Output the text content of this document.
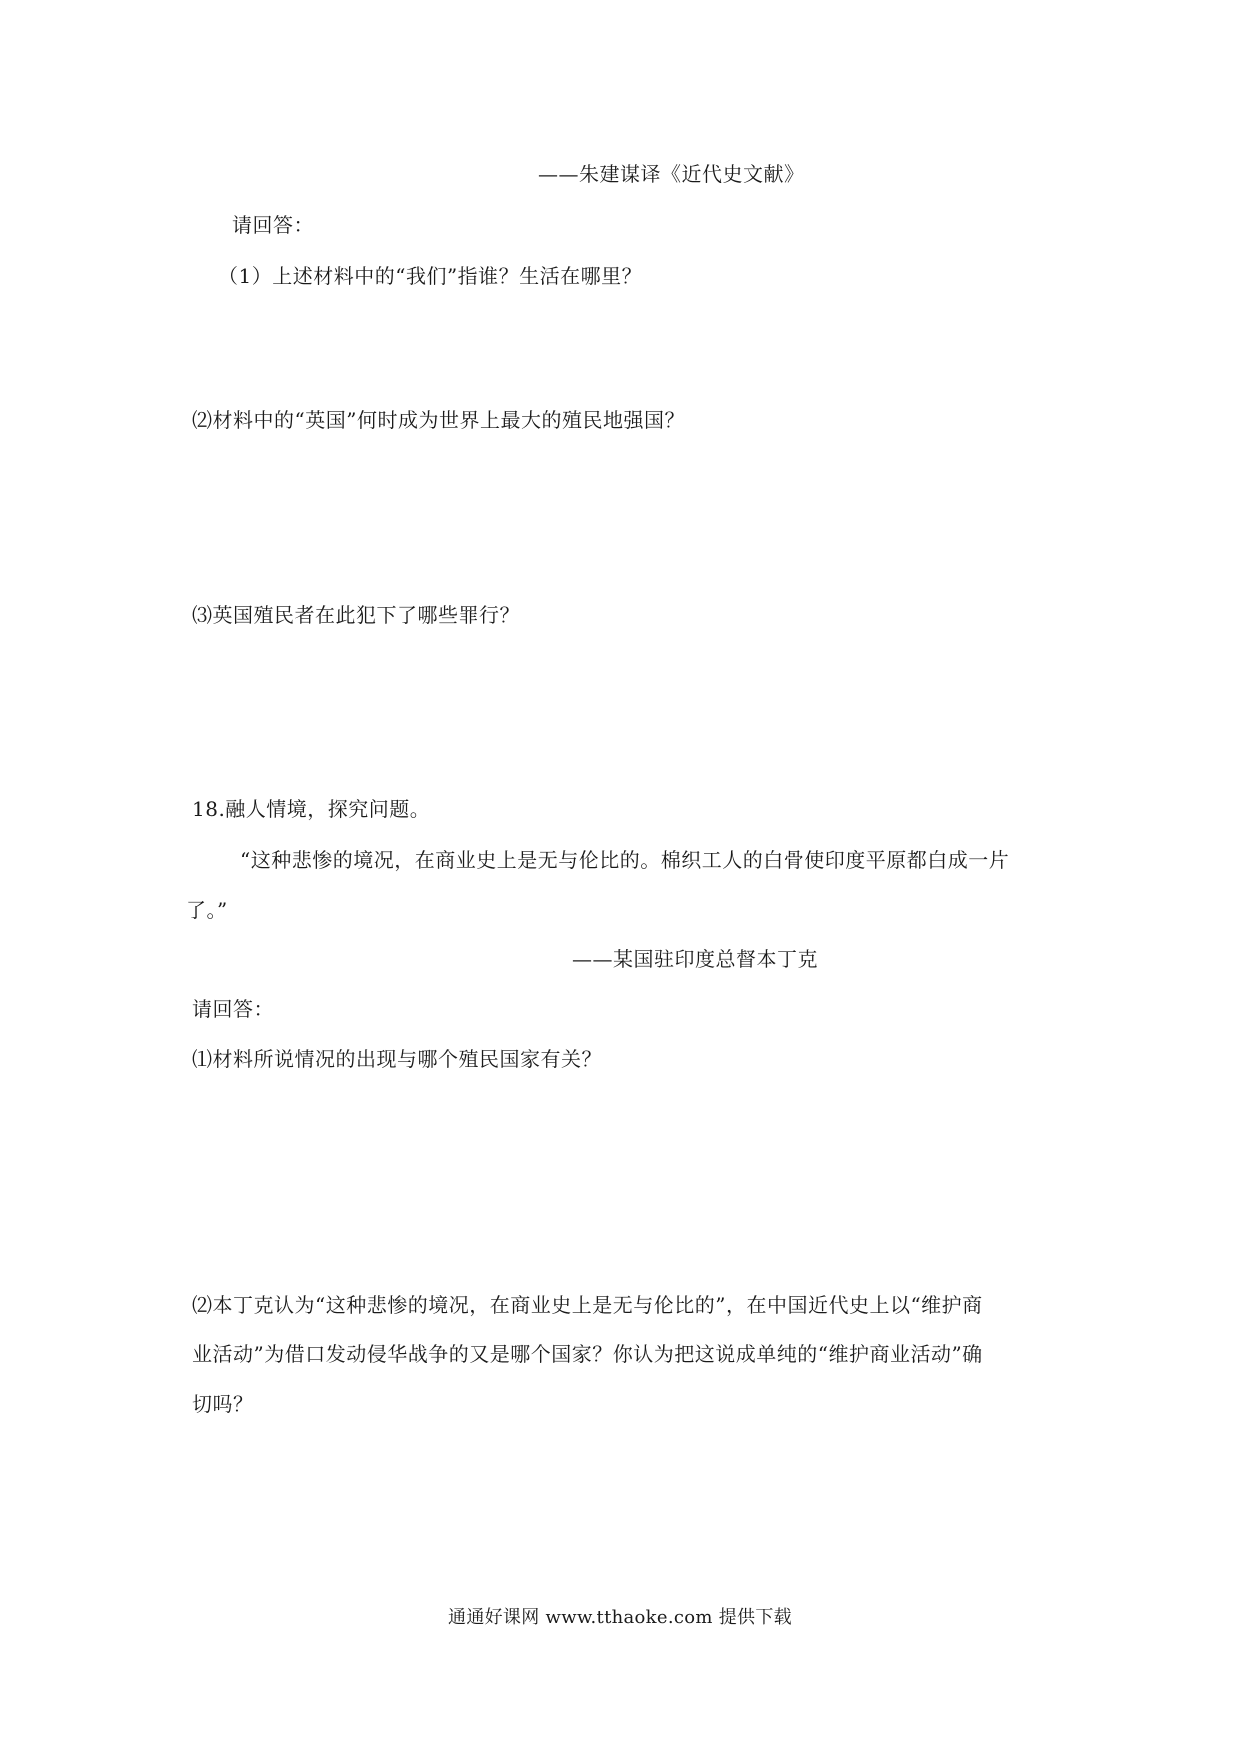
——朱建谋译《近代史文献》
请回答：
（1）上述材料中的“我们”指谁？生活在哪里？
⑵材料中的“英国”何时成为世界上最大的殖民地强国？
⑶英国殖民者在此犯下了哪些罪行？
18.融人情境，探究问题。
“这种悲惨的境况，在商业史上是无与伦比的。棉织工人的白骨使印度平原都白成一片
了。”
——某国驻印度总督本丁克
请回答：
⑴材料所说情况的出现与哪个殖民国家有关？
⑵本丁克认为“这种悲惨的境况，在商业史上是无与伦比的”，在中国近代史上以“维护商
业活动”为借口发动侵华战争的又是哪个国家？你认为把这说成单纯的“维护商业活动”确
切吗？
通通好课网 www.tthaoke.com 提供下载
